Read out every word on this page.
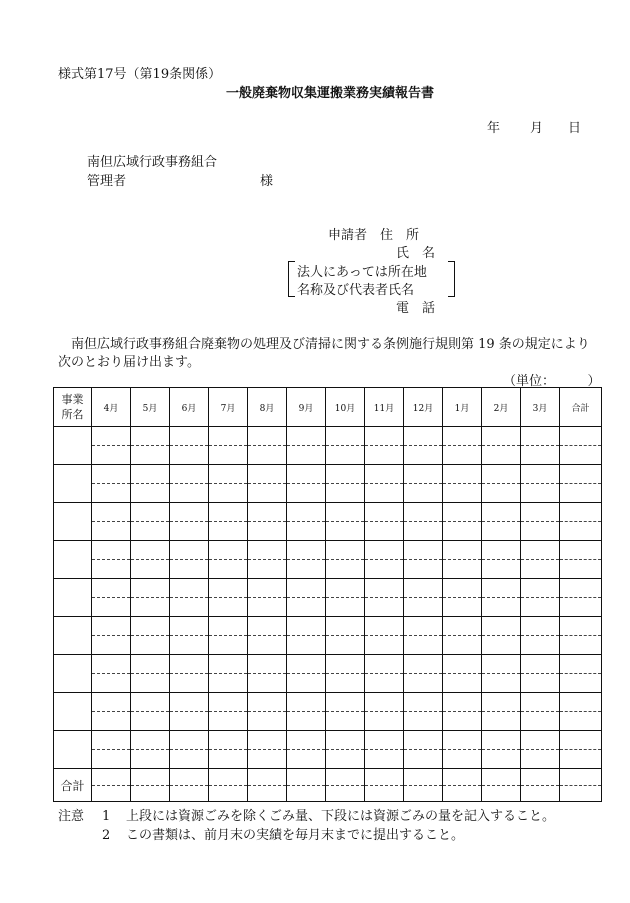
様式第17号（第19条関係）
一般廃棄物収集運搬業務実績報告書
年 月 日
南但広域行政事務組合
管理者	様
申請者 住　所
氏　名
法人にあっては所在地
名称及び代表者氏名
電　話
南但広域行政事務組合廃棄物の処理及び清掃に関する条例施行規則第 19 条の規定により
次のとおり届け出ます。
（単位：　　　）
事業
所名	4月	5月	6月	7月	8月	9月	10月	11月	12月	1月	2月	3月	合計

合計	

注意 1 上段には資源ごみを除くごみ量、下段には資源ごみの量を記入すること。
2 この書類は、前月末の実績を毎月末までに提出すること。
